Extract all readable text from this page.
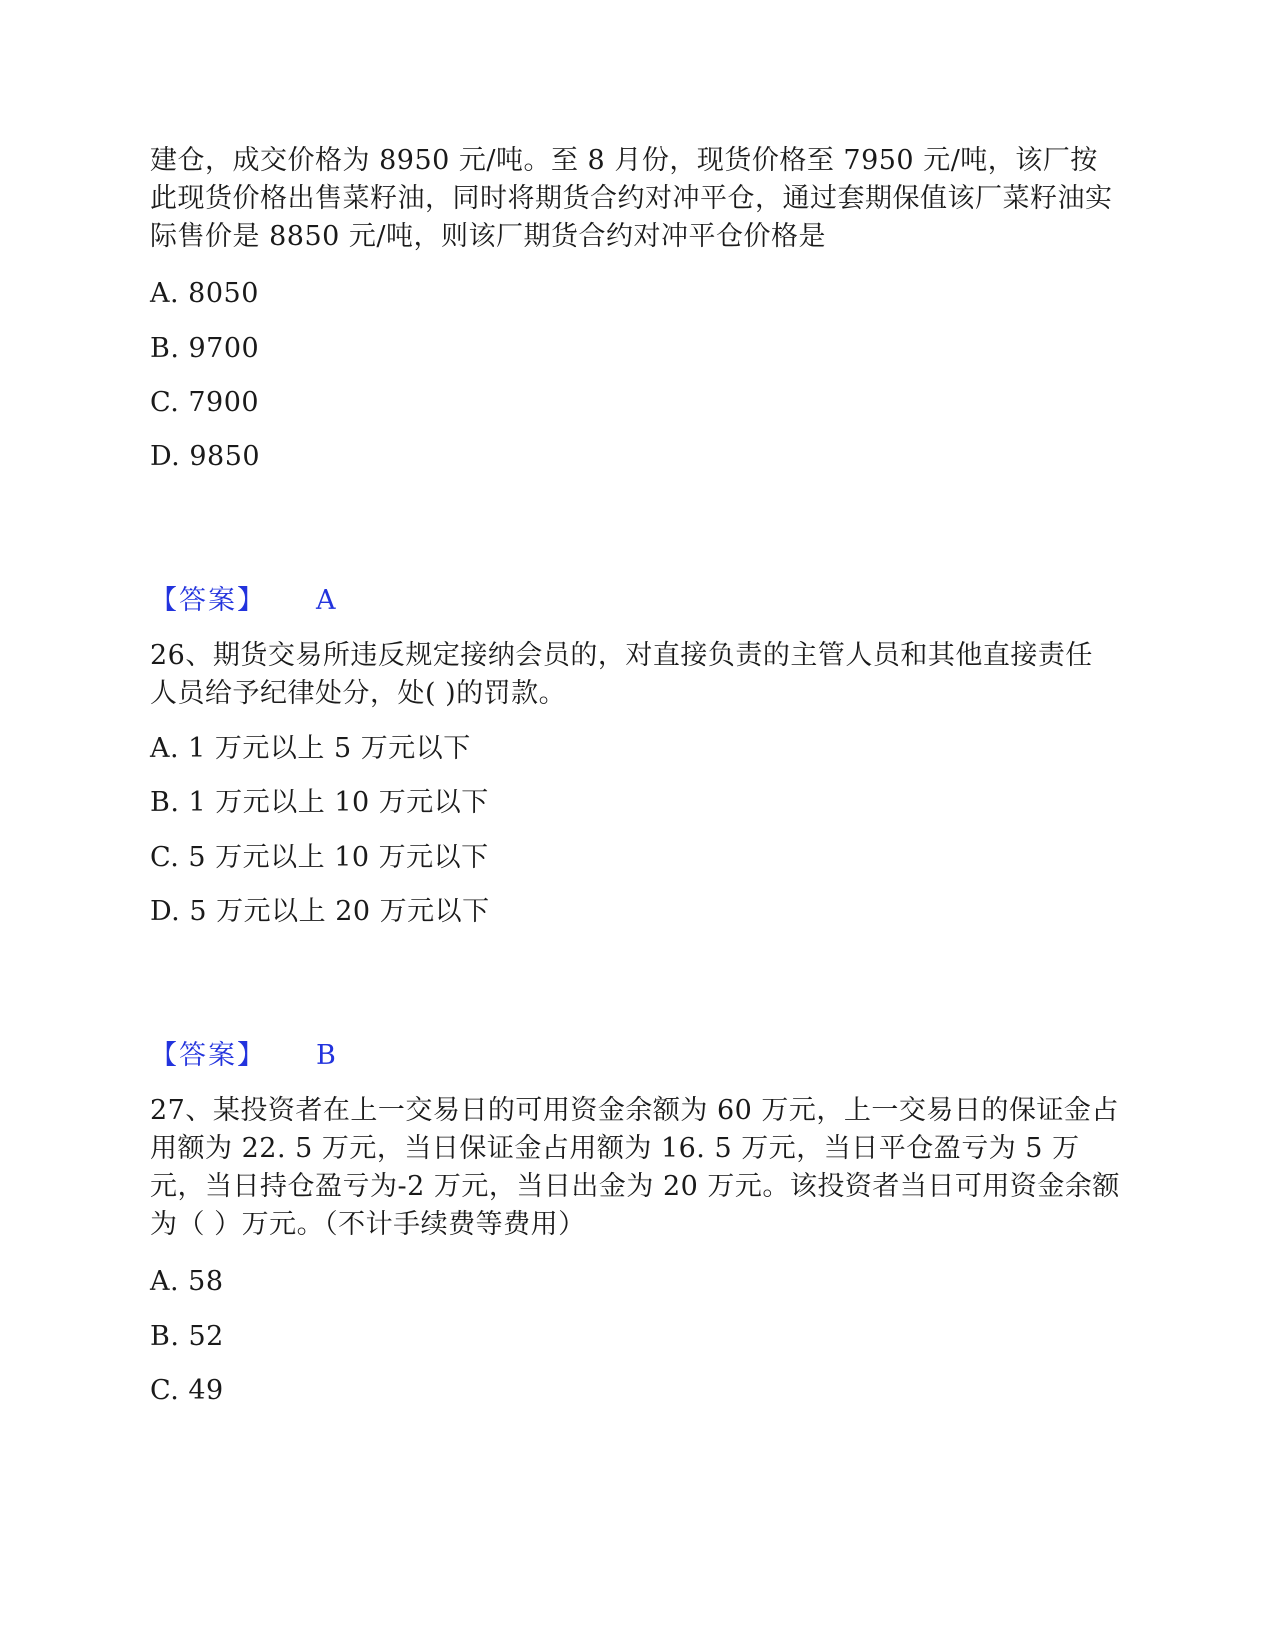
建仓，成交价格为 8950 元/吨。至 8 月份，现货价格至 7950 元/吨，该厂按此现货价格出售菜籽油，同时将期货合约对冲平仓，通过套期保值该厂菜籽油实际售价是 8850 元/吨，则该厂期货合约对冲平仓价格是

A. 8050

B. 9700

C. 7900

D. 9850

【答案】 A

26、期货交易所违反规定接纳会员的，对直接负责的主管人员和其他直接责任人员给予纪律处分，处( )的罚款。

A. 1 万元以上 5 万元以下

B. 1 万元以上 10 万元以下

C. 5 万元以上 10 万元以下

D. 5 万元以上 20 万元以下

【答案】 B

27、某投资者在上一交易日的可用资金余额为 60 万元，上一交易日的保证金占用额为 22. 5 万元，当日保证金占用额为 16. 5 万元，当日平仓盈亏为 5 万元，当日持仓盈亏为-2 万元，当日出金为 20 万元。该投资者当日可用资金余额为（ ）万元。（不计手续费等费用）

A. 58

B. 52

C. 49
